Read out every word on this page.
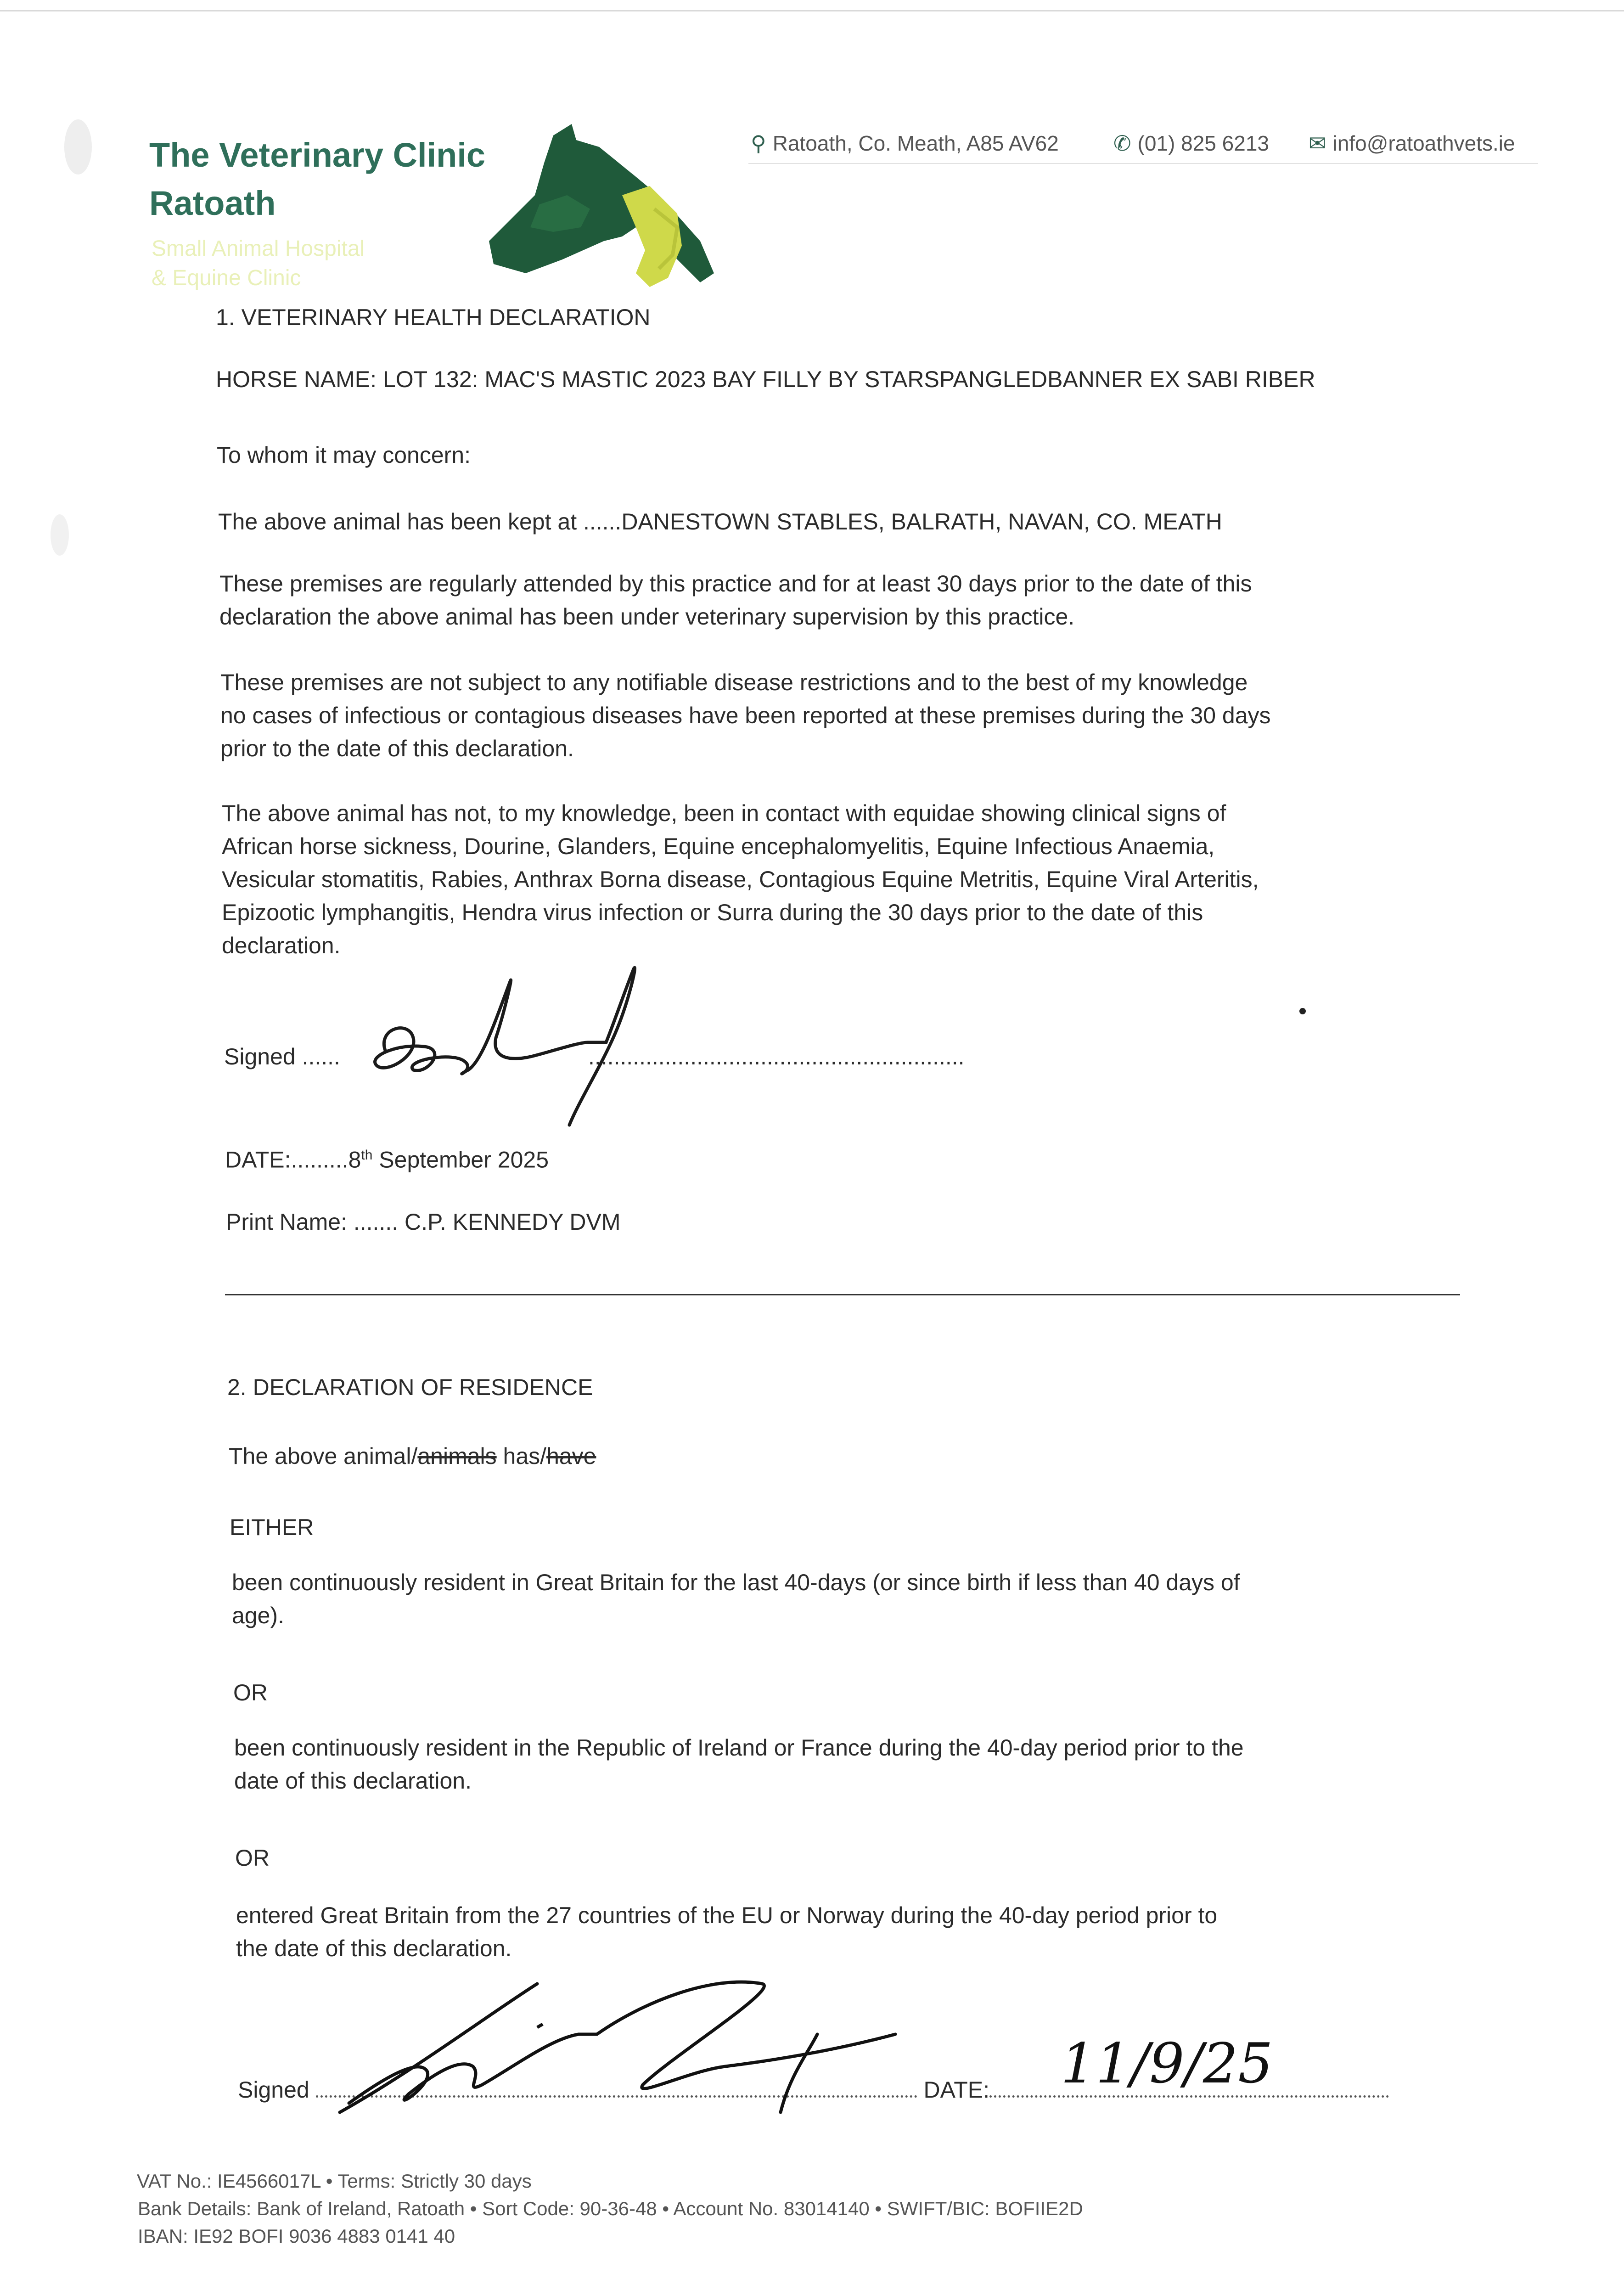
The Veterinary Clinic
Ratoath
Small Animal Hospital
& Equine Clinic
⚲ Ratoath, Co. Meath, A85 AV62	✆ (01) 825 6213 ✉ info@ratoathvets.ie
1. VETERINARY HEALTH DECLARATION
HORSE NAME: LOT 132: MAC'S MASTIC 2023 BAY FILLY BY STARSPANGLEDBANNER EX SABI RIBER
To whom it may concern:
The above animal has been kept at ......DANESTOWN STABLES, BALRATH, NAVAN, CO. MEATH
These premises are regularly attended by this practice and for at least 30 days prior to the date of this
declaration the above animal has been under veterinary supervision by this practice.
These premises are not subject to any notifiable disease restrictions and to the best of my knowledge
no cases of infectious or contagious diseases have been reported at these premises during the 30 days
prior to the date of this declaration.
The above animal has not, to my knowledge, been in contact with equidae showing clinical signs of
African horse sickness, Dourine, Glanders, Equine encephalomyelitis, Equine Infectious Anaemia,
Vesicular stomatitis, Rabies, Anthrax Borna disease, Contagious Equine Metritis, Equine Viral Arteritis,
Epizootic lymphangitis, Hendra virus infection or Surra during the 30 days prior to the date of this
declaration.
Signed ......	...........................................................
DATE:.........8th September 2025
Print Name: ....... C.P. KENNEDY DVM
2. DECLARATION OF RESIDENCE
The above animal/animals has/have
EITHER
been continuously resident in Great Britain for the last 40-days (or since birth if less than 40 days of
age).
OR
been continuously resident in the Republic of Ireland or France during the 40-day period prior to the
date of this declaration.
OR
entered Great Britain from the 27 countries of the EU or Norway during the 40-day period prior to
the date of this declaration.
Signed	DATE:	11/9/25
VAT No.: IE4566017L • Terms: Strictly 30 days
Bank Details: Bank of Ireland, Ratoath • Sort Code: 90-36-48 • Account No. 83014140 • SWIFT/BIC: BOFIIE2D
IBAN: IE92 BOFI 9036 4883 0141 40
